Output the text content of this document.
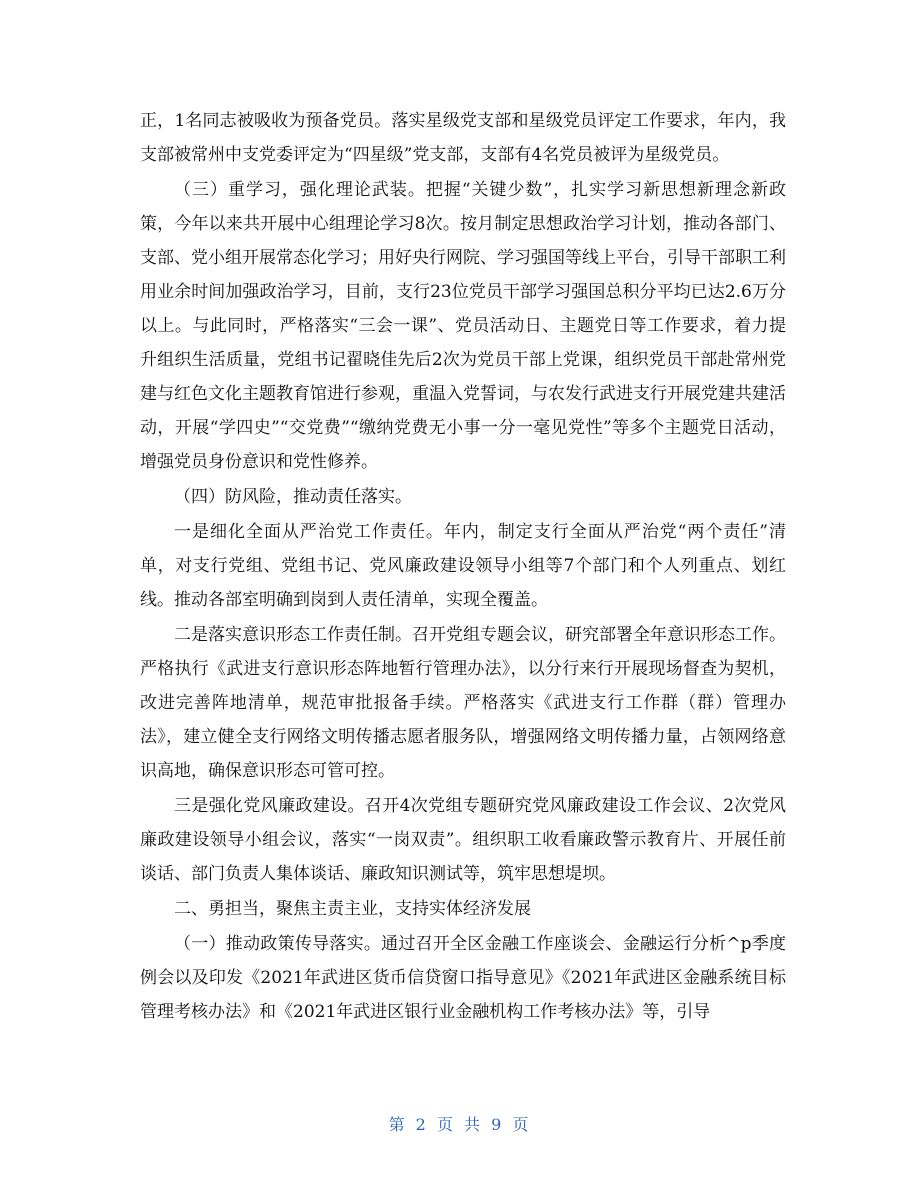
正，1名同志被吸收为预备党员。落实星级党支部和星级党员评定工作要求，年内，我支部被常州中支党委评定为“四星级”党支部，支部有4名党员被评为星级党员。

（三）重学习，强化理论武装。把握“关键少数”，扎实学习新思想新理念新政策，今年以来共开展中心组理论学习8次。按月制定思想政治学习计划，推动各部门、支部、党小组开展常态化学习；用好央行网院、学习强国等线上平台，引导干部职工利用业余时间加强政治学习，目前，支行23位党员干部学习强国总积分平均已达2.6万分以上。与此同时，严格落实“三会一课”、党员活动日、主题党日等工作要求，着力提升组织生活质量，党组书记翟晓佳先后2次为党员干部上党课，组织党员干部赴常州党建与红色文化主题教育馆进行参观，重温入党誓词，与农发行武进支行开展党建共建活动，开展“学四史”“交党费”“缴纳党费无小事一分一毫见党性”等多个主题党日活动，增强党员身份意识和党性修养。

（四）防风险，推动责任落实。

一是细化全面从严治党工作责任。年内，制定支行全面从严治党“两个责任”清单，对支行党组、党组书记、党风廉政建设领导小组等7个部门和个人列重点、划红线。推动各部室明确到岗到人责任清单，实现全覆盖。

二是落实意识形态工作责任制。召开党组专题会议，研究部署全年意识形态工作。严格执行《武进支行意识形态阵地暂行管理办法》，以分行来行开展现场督查为契机，改进完善阵地清单，规范审批报备手续。严格落实《武进支行工作群（群）管理办法》，建立健全支行网络文明传播志愿者服务队，增强网络文明传播力量，占领网络意识高地，确保意识形态可管可控。

三是强化党风廉政建设。召开4次党组专题研究党风廉政建设工作会议、2次党风廉政建设领导小组会议，落实“一岗双责”。组织职工收看廉政警示教育片、开展任前谈话、部门负责人集体谈话、廉政知识测试等，筑牢思想堤坝。

二、勇担当，聚焦主责主业，支持实体经济发展

（一）推动政策传导落实。通过召开全区金融工作座谈会、金融运行分析^p季度例会以及印发《2021年武进区货币信贷窗口指导意见》《2021年武进区金融系统目标管理考核办法》和《2021年武进区银行业金融机构工作考核办法》等，引导

第 2 页 共 9 页
